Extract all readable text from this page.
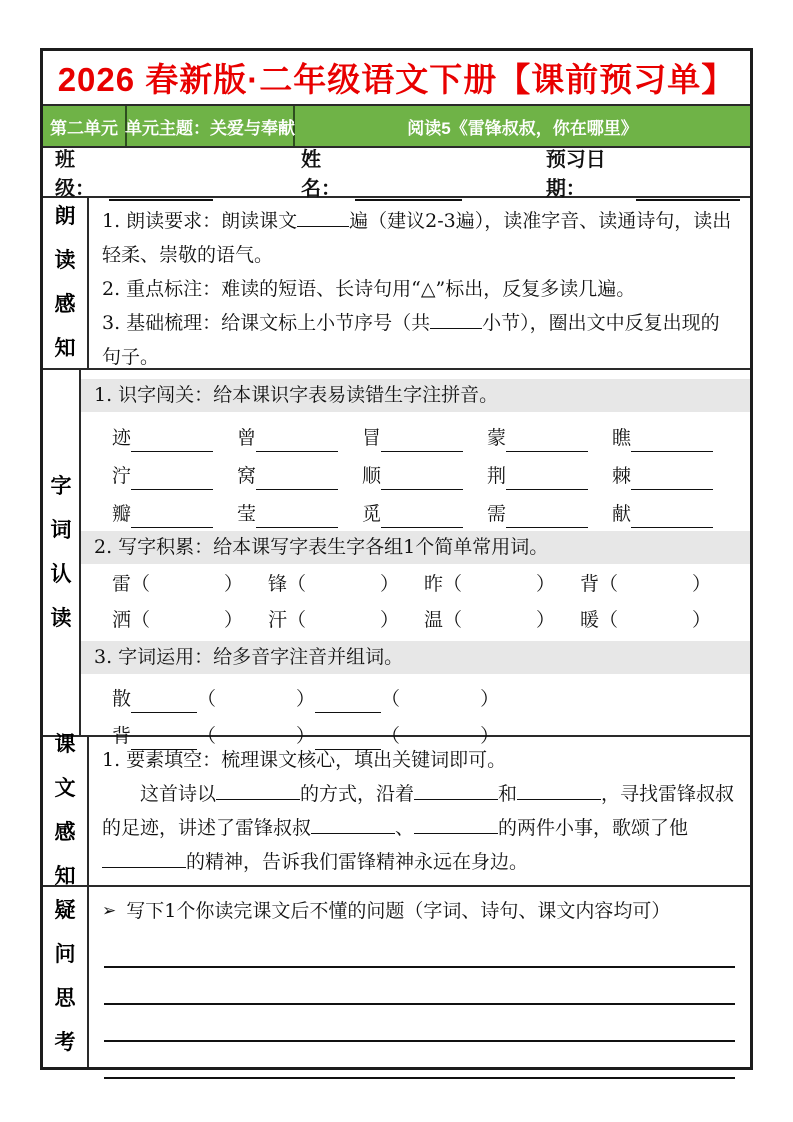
2026 春新版·二年级语文下册【课前预习单】
第二单元 单元主题：关爱与奉献	阅读5《雷锋叔叔，你在哪里》
班级：
姓名：
预习日期：
朗读感知
1. 朗读要求：朗读课文	遍（建议2-3遍），读准字音、读通诗句，读出轻柔、崇敬的语气。
2. 重点标注：难读的短语、长诗句用“△”标出，反复多读几遍。
3. 基础梳理：给课文标上小节序号（共	小节），圈出文中反复出现的句子。
字词认读
1. 识字闯关：给本课识字表易读错生字注拼音。
迹	曾	冒	蒙	瞧
泞	窝	顺	荆	棘
瓣	莹	觅	需	献
2. 写字积累：给本课写字表生字各组1个简单常用词。
雷 （	） 锋 （	） 昨 （	） 背 （	）
洒 （	） 汗 （	） 温 （	） 暖 （	）
3. 字词运用：给多音字注音并组词。
散	（	）	（	）
背	（	）	（	）
课文感知
1. 要素填空：梳理课文核心，填出关键词即可。
这首诗以	的方式，沿着	和	，寻找雷锋叔叔的足迹，讲述了雷锋叔叔	、	的两件小事，歌颂了他的精神，告诉我们雷锋精神永远在身边。
疑问思考
➢ 写下1个你读完课文后不懂的问题（字词、诗句、课文内容均可）
